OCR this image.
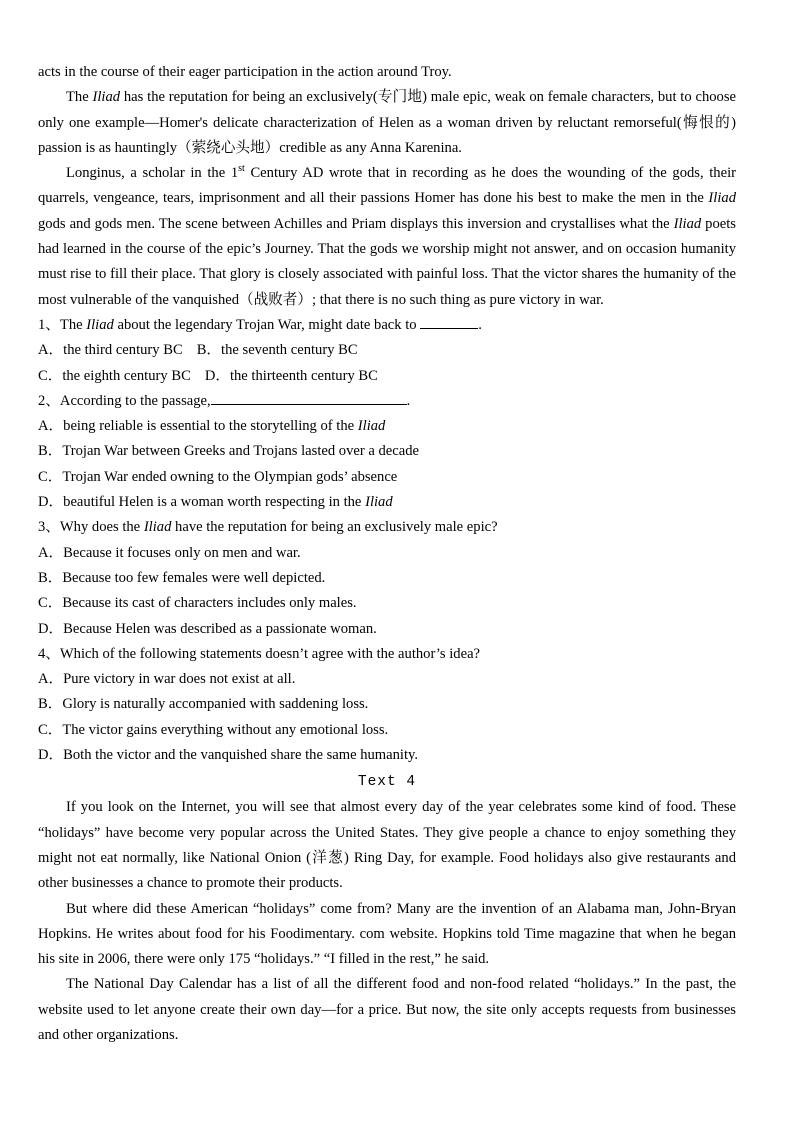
acts in the course of their eager participation in the action around Troy.

The Iliad has the reputation for being an exclusively(专门地) male epic, weak on female characters, but to choose only one example—Homer's delicate characterization of Helen as a woman driven by reluctant remorseful(悔恨的) passion is as hauntingly（萦绕心头地）credible as any Anna Karenina.

Longinus, a scholar in the 1st Century AD wrote that in recording as he does the wounding of the gods, their quarrels, vengeance, tears, imprisonment and all their passions Homer has done his best to make the men in the Iliad gods and gods men. The scene between Achilles and Priam displays this inversion and crystallises what the Iliad poets had learned in the course of the epic’s Journey. That the gods we worship might not answer, and on occasion humanity must rise to fill their place. That glory is closely associated with painful loss. That the victor shares the humanity of the most vulnerable of the vanquished（战败者）; that there is no such thing as pure victory in war.

1、The Iliad about the legendary Trojan War, might date back to	.

A．the third century BC B．the seventh century BC

C．the eighth century BC D．the thirteenth century BC

2、According to the passage,	.

A．being reliable is essential to the storytelling of the Iliad

B．Trojan War between Greeks and Trojans lasted over a decade

C．Trojan War ended owning to the Olympian gods’ absence

D．beautiful Helen is a woman worth respecting in the Iliad

3、Why does the Iliad have the reputation for being an exclusively male epic?

A．Because it focuses only on men and war.

B．Because too few females were well depicted.

C．Because its cast of characters includes only males.

D．Because Helen was described as a passionate woman.

4、Which of the following statements doesn’t agree with the author’s idea?

A．Pure victory in war does not exist at all.

B．Glory is naturally accompanied with saddening loss.

C．The victor gains everything without any emotional loss.

D．Both the victor and the vanquished share the same humanity.

Text 4

If you look on the Internet, you will see that almost every day of the year celebrates some kind of food. These “holidays” have become very popular across the United States. They give people a chance to enjoy something they might not eat normally, like National Onion (洋葱) Ring Day, for example. Food holidays also give restaurants and other businesses a chance to promote their products.

But where did these American “holidays” come from? Many are the invention of an Alabama man, John-Bryan Hopkins. He writes about food for his Foodimentary. com website. Hopkins told Time magazine that when he began his site in 2006, there were only 175 “holidays.” “I filled in the rest,” he said.

The National Day Calendar has a list of all the different food and non-food related “holidays.” In the past, the website used to let anyone create their own day—for a price. But now, the site only accepts requests from businesses and other organizations.
